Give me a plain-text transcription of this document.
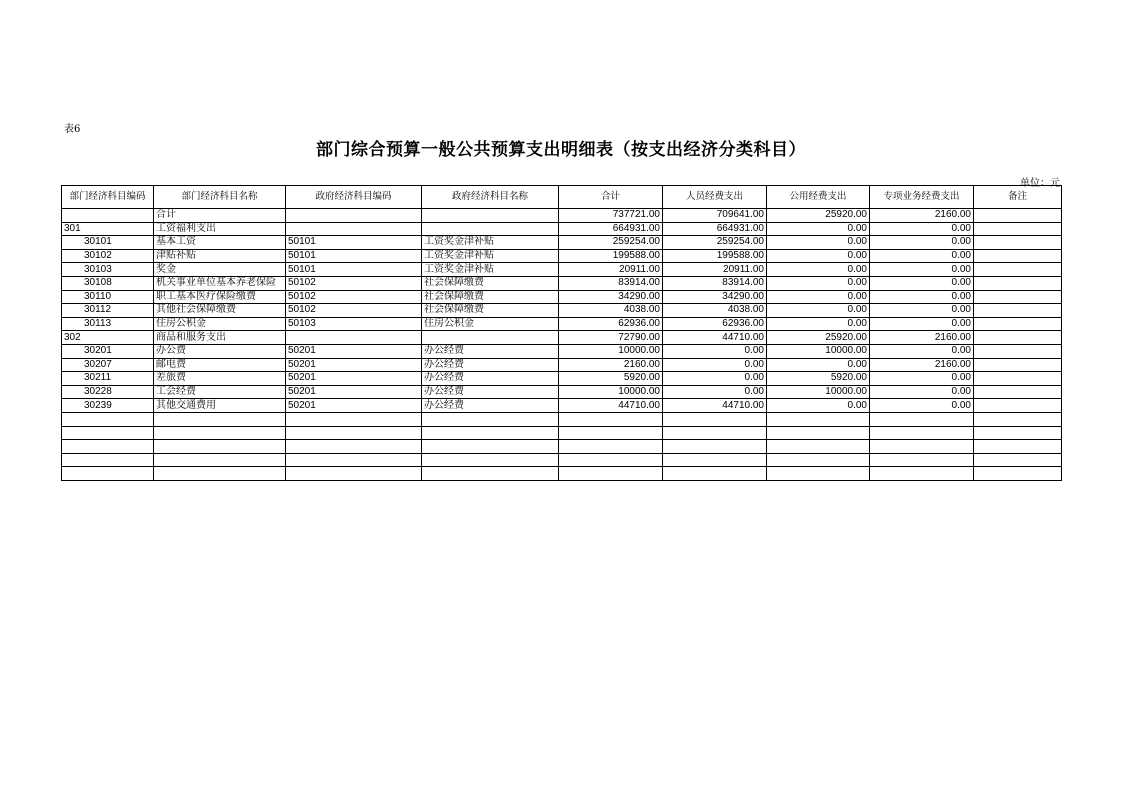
表6
部门综合预算一般公共预算支出明细表（按支出经济分类科目）
单位：元
部门经济科目编码	部门经济科目名称	政府经济科目编码	政府经济科目名称	合计	人员经费支出	公用经费支出	专项业务经费支出	备注
	合计			737721.00	709641.00	25920.00	2160.00	
301	工资福利支出			664931.00	664931.00	0.00	0.00	
30101	基本工资	50101	工资奖金津补贴	259254.00	259254.00	0.00	0.00	
30102	津贴补贴	50101	工资奖金津补贴	199588.00	199588.00	0.00	0.00	
30103	奖金	50101	工资奖金津补贴	20911.00	20911.00	0.00	0.00	
30108	机关事业单位基本养老保险	50102	社会保障缴费	83914.00	83914.00	0.00	0.00	
30110	职工基本医疗保险缴费	50102	社会保障缴费	34290.00	34290.00	0.00	0.00	
30112	其他社会保障缴费	50102	社会保障缴费	4038.00	4038.00	0.00	0.00	
30113	住房公积金	50103	住房公积金	62936.00	62936.00	0.00	0.00	
302	商品和服务支出			72790.00	44710.00	25920.00	2160.00	
30201	办公费	50201	办公经费	10000.00	0.00	10000.00	0.00	
30207	邮电费	50201	办公经费	2160.00	0.00	0.00	2160.00	
30211	差旅费	50201	办公经费	5920.00	0.00	5920.00	0.00	
30228	工会经费	50201	办公经费	10000.00	0.00	10000.00	0.00	
30239	其他交通费用	50201	办公经费	44710.00	44710.00	0.00	0.00	
